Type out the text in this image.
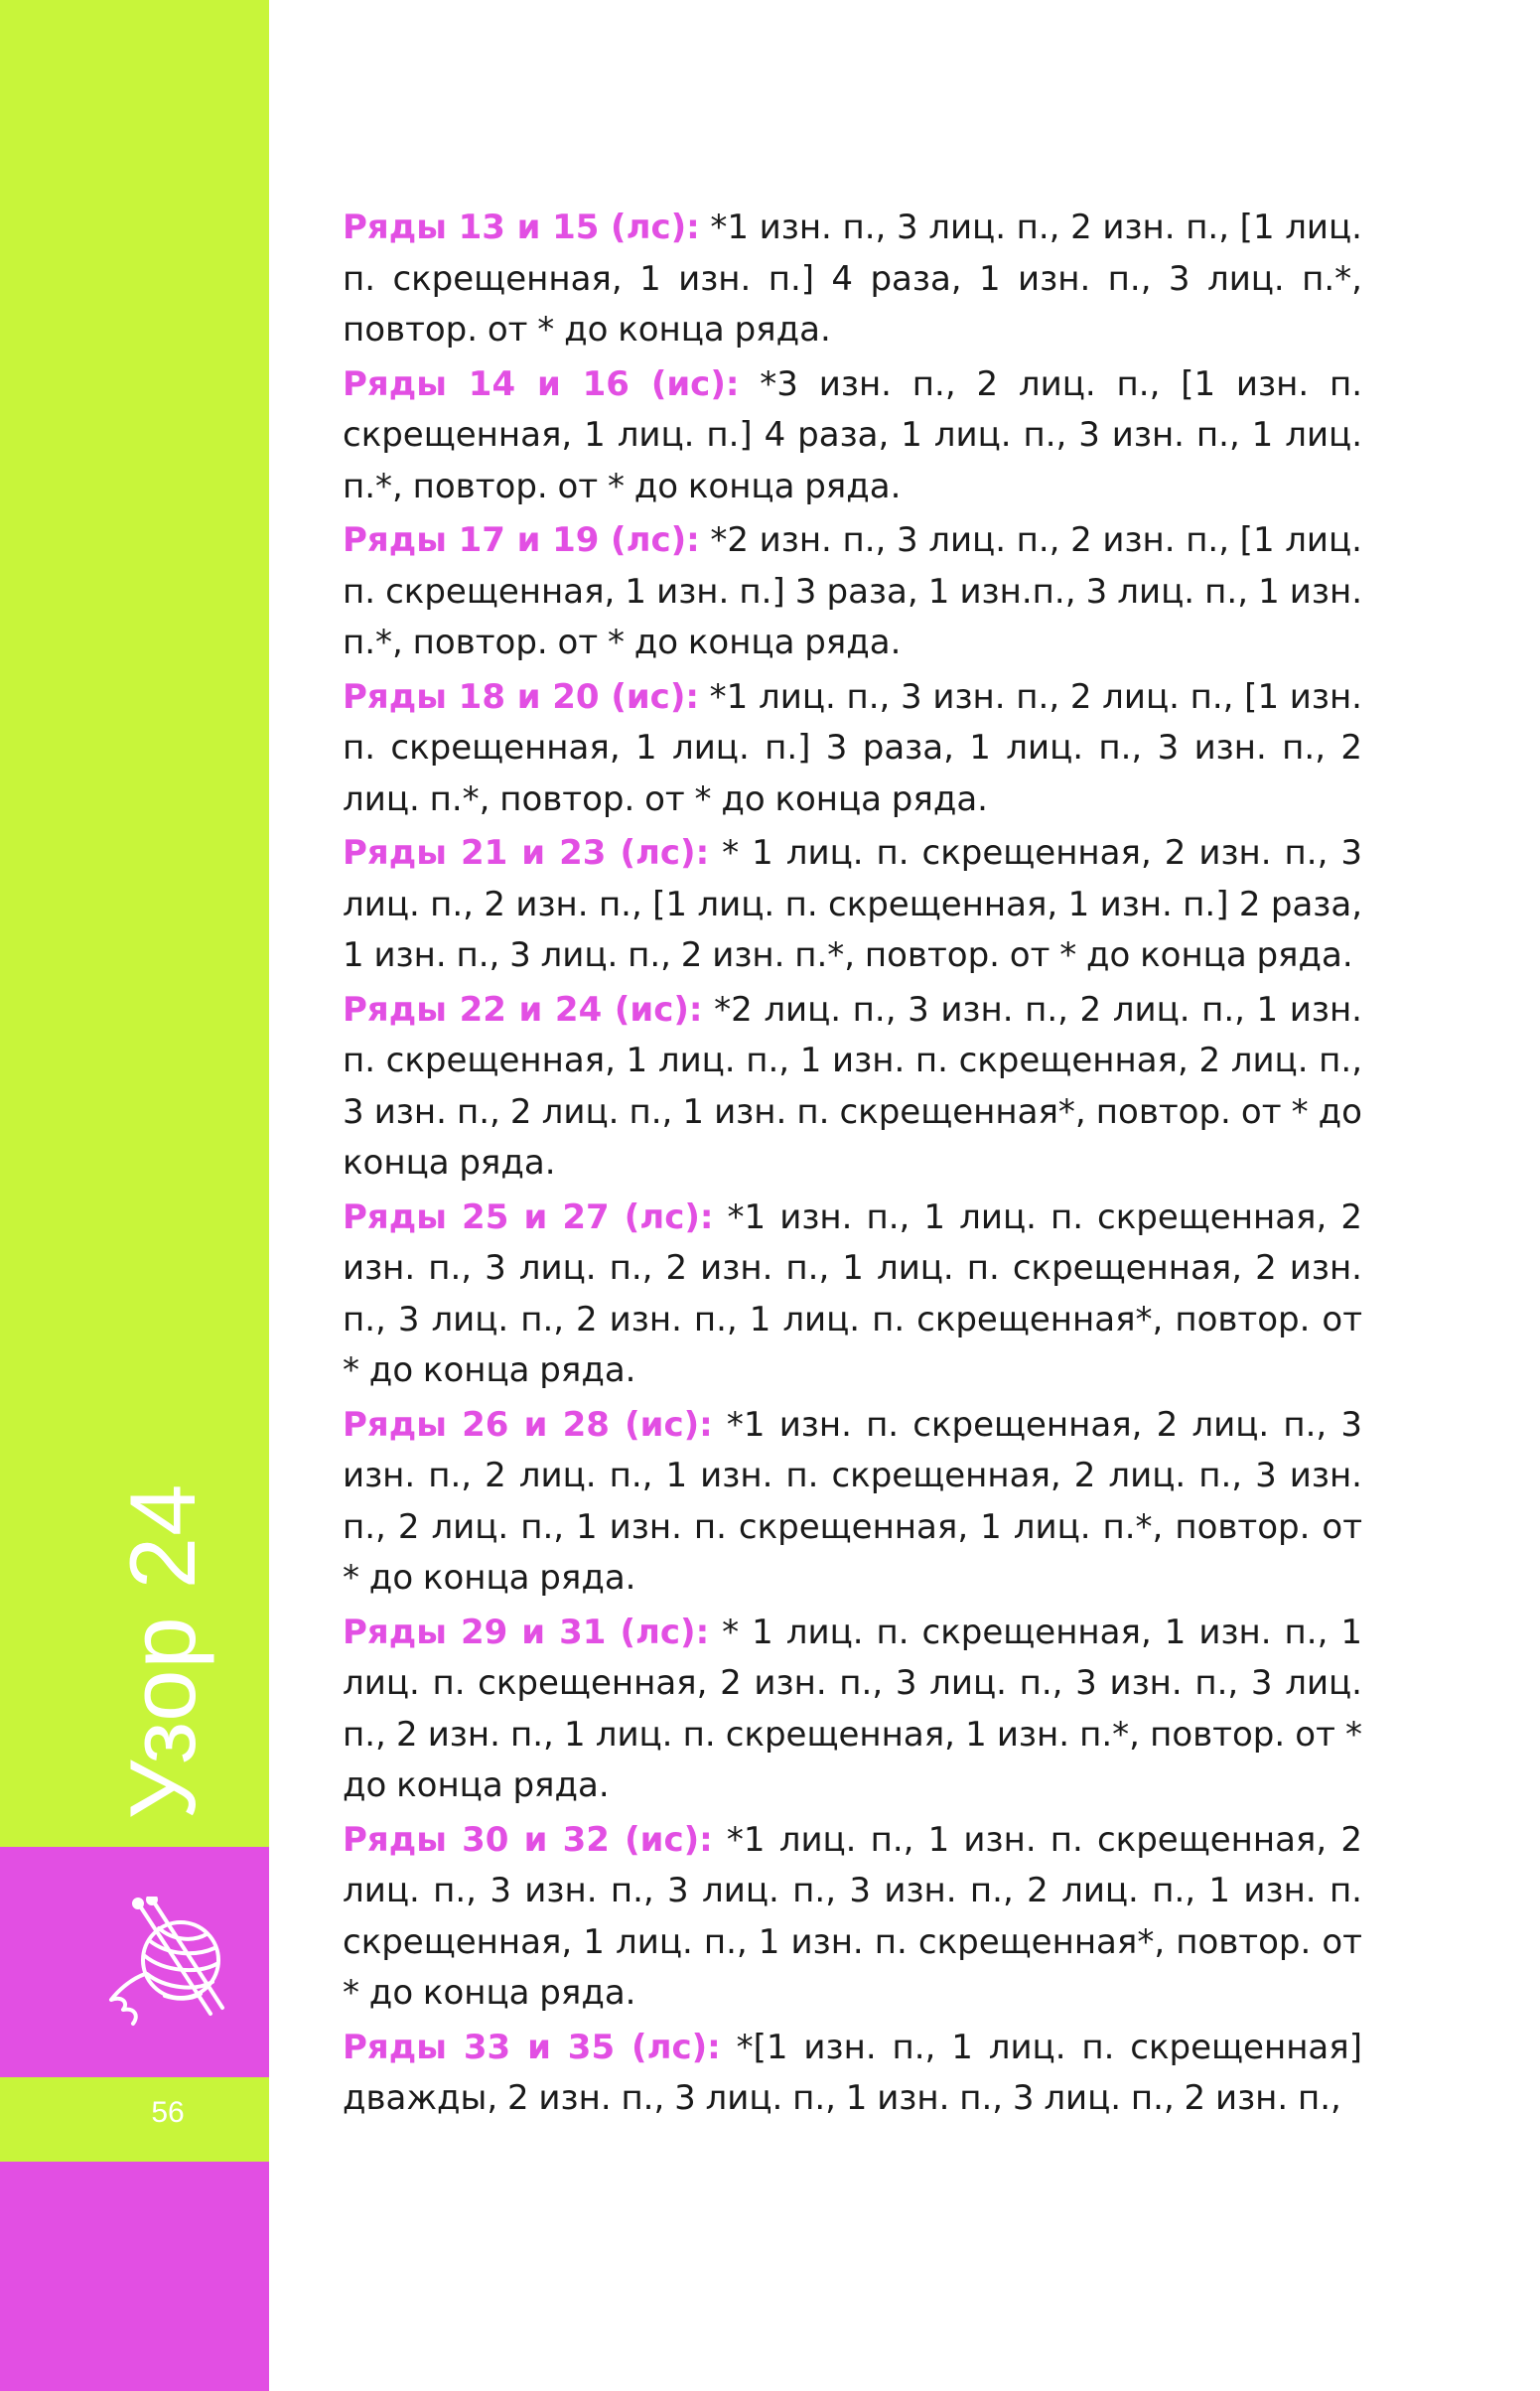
Узор 24
56

Ряды 13 и 15 (лс): *1 изн. п., 3 лиц. п., 2 изн. п., [1 лиц. п. скрещенная, 1 изн. п.] 4 раза, 1 изн. п., 3 лиц. п.*, повтор. от * до конца ряда.

Ряды 14 и 16 (ис): *3 изн. п., 2 лиц. п., [1 изн. п. скрещенная, 1 лиц. п.] 4 раза, 1 лиц. п., 3 изн. п., 1 лиц. п.*, повтор. от * до конца ряда.

Ряды 17 и 19 (лс): *2 изн. п., 3 лиц. п., 2 изн. п., [1 лиц. п. скрещенная, 1 изн. п.] 3 раза, 1 изн.п., 3 лиц. п., 1 изн. п.*, повтор. от * до конца ряда.

Ряды 18 и 20 (ис): *1 лиц. п., 3 изн. п., 2 лиц. п., [1 изн. п. скрещенная, 1 лиц. п.] 3 раза, 1 лиц. п., 3 изн. п., 2 лиц. п.*, повтор. от * до конца ряда.

Ряды 21 и 23 (лс): * 1 лиц. п. скрещенная, 2 изн. п., 3 лиц. п., 2 изн. п., [1 лиц. п. скрещенная, 1 изн. п.] 2 раза, 1 изн. п., 3 лиц. п., 2 изн. п.*, повтор. от * до конца ряда.

Ряды 22 и 24 (ис): *2 лиц. п., 3 изн. п., 2 лиц. п., 1 изн. п. скрещенная, 1 лиц. п., 1 изн. п. скрещенная, 2 лиц. п., 3 изн. п., 2 лиц. п., 1 изн. п. скрещенная*, повтор. от * до конца ряда.

Ряды 25 и 27 (лс): *1 изн. п., 1 лиц. п. скрещенная, 2 изн. п., 3 лиц. п., 2 изн. п., 1 лиц. п. скрещенная, 2 изн. п., 3 лиц. п., 2 изн. п., 1 лиц. п. скрещенная*, повтор. от * до конца ряда.

Ряды 26 и 28 (ис): *1 изн. п. скрещенная, 2 лиц. п., 3 изн. п., 2 лиц. п., 1 изн. п. скрещенная, 2 лиц. п., 3 изн. п., 2 лиц. п., 1 изн. п. скрещенная, 1 лиц. п.*, повтор. от * до конца ряда.

Ряды 29 и 31 (лс): * 1 лиц. п. скрещенная, 1 изн. п., 1 лиц. п. скрещенная, 2 изн. п., 3 лиц. п., 3 изн. п., 3 лиц. п., 2 изн. п., 1 лиц. п. скрещенная, 1 изн. п.*, повтор. от * до конца ряда.

Ряды 30 и 32 (ис): *1 лиц. п., 1 изн. п. скрещенная, 2 лиц. п., 3 изн. п., 3 лиц. п., 3 изн. п., 2 лиц. п., 1 изн. п. скрещенная, 1 лиц. п., 1 изн. п. скрещенная*, повтор. от * до конца ряда.

Ряды 33 и 35 (лс): *[1 изн. п., 1 лиц. п. скрещенная] дважды, 2 изн. п., 3 лиц. п., 1 изн. п., 3 лиц. п., 2 изн. п.,
